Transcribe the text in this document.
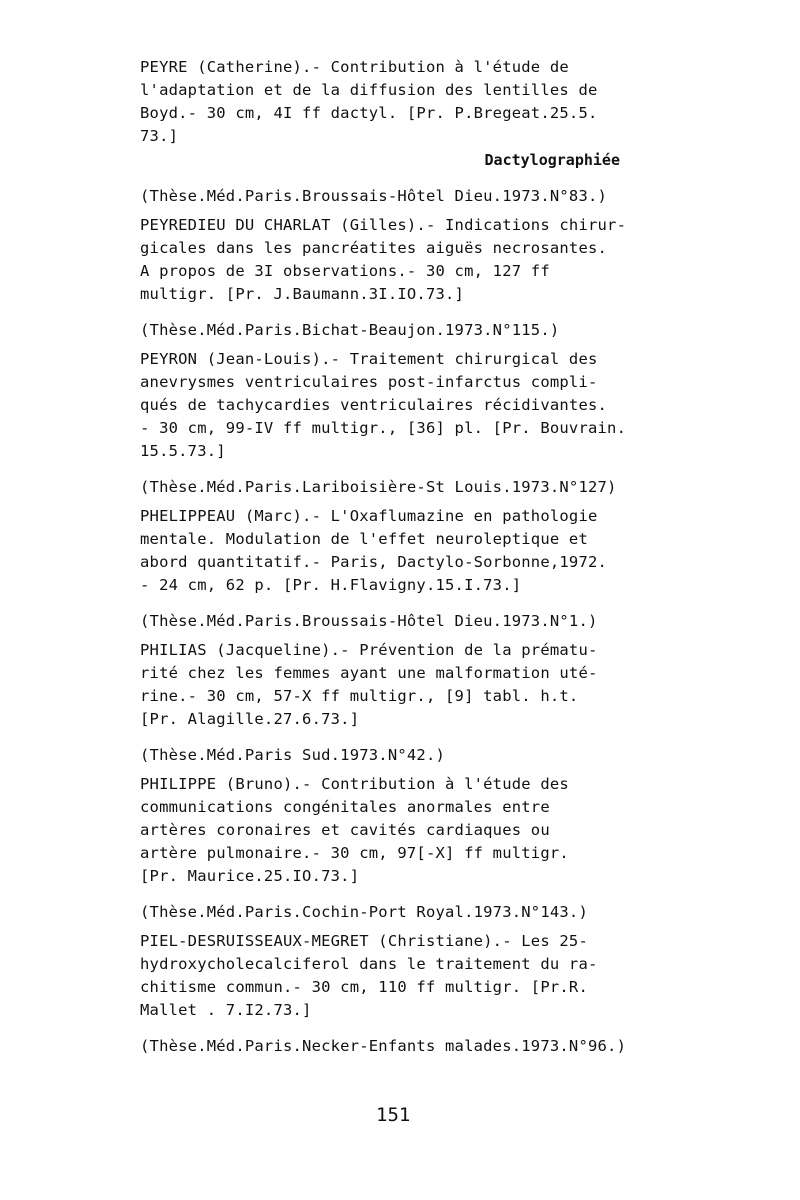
PEYRE (Catherine).- Contribution à l'étude de
l'adaptation et de la diffusion des lentilles de
Boyd.- 30 cm, 4I ff dactyl. [Pr. P.Bregeat.25.5.
73.]
Dactylographiée
(Thèse.Méd.Paris.Broussais-Hôtel Dieu.1973.N°83.)
PEYREDIEU DU CHARLAT (Gilles).- Indications chirur-
gicales dans les pancréatites aiguës necrosantes.
A propos de 3I observations.- 30 cm, 127 ff
multigr. [Pr. J.Baumann.3I.IO.73.]
(Thèse.Méd.Paris.Bichat-Beaujon.1973.N°115.)
PEYRON (Jean-Louis).- Traitement chirurgical des
anevrysmes ventriculaires post-infarctus compli-
qués de tachycardies ventriculaires récidivantes.
- 30 cm, 99-IV ff multigr., [36] pl. [Pr. Bouvrain.
15.5.73.]
(Thèse.Méd.Paris.Lariboisière-St Louis.1973.N°127)
PHELIPPEAU (Marc).- L'Oxaflumazine en pathologie
mentale. Modulation de l'effet neuroleptique et
abord quantitatif.- Paris, Dactylo-Sorbonne,1972.
- 24 cm, 62 p. [Pr. H.Flavigny.15.I.73.]
(Thèse.Méd.Paris.Broussais-Hôtel Dieu.1973.N°1.)
PHILIAS (Jacqueline).- Prévention de la prématu-
rité chez les femmes ayant une malformation uté-
rine.- 30 cm, 57-X ff multigr., [9] tabl. h.t.
[Pr. Alagille.27.6.73.]
(Thèse.Méd.Paris Sud.1973.N°42.)
PHILIPPE (Bruno).- Contribution à l'étude des
communications congénitales anormales entre
artères coronaires et cavités cardiaques ou
artère pulmonaire.- 30 cm, 97[-X] ff multigr.
[Pr. Maurice.25.IO.73.]
(Thèse.Méd.Paris.Cochin-Port Royal.1973.N°143.)
PIEL-DESRUISSEAUX-MEGRET (Christiane).- Les 25-
hydroxycholecalciferol dans le traitement du ra-
chitisme commun.- 30 cm, 110 ff multigr. [Pr.R.
Mallet . 7.I2.73.]
(Thèse.Méd.Paris.Necker-Enfants malades.1973.N°96.)
151
